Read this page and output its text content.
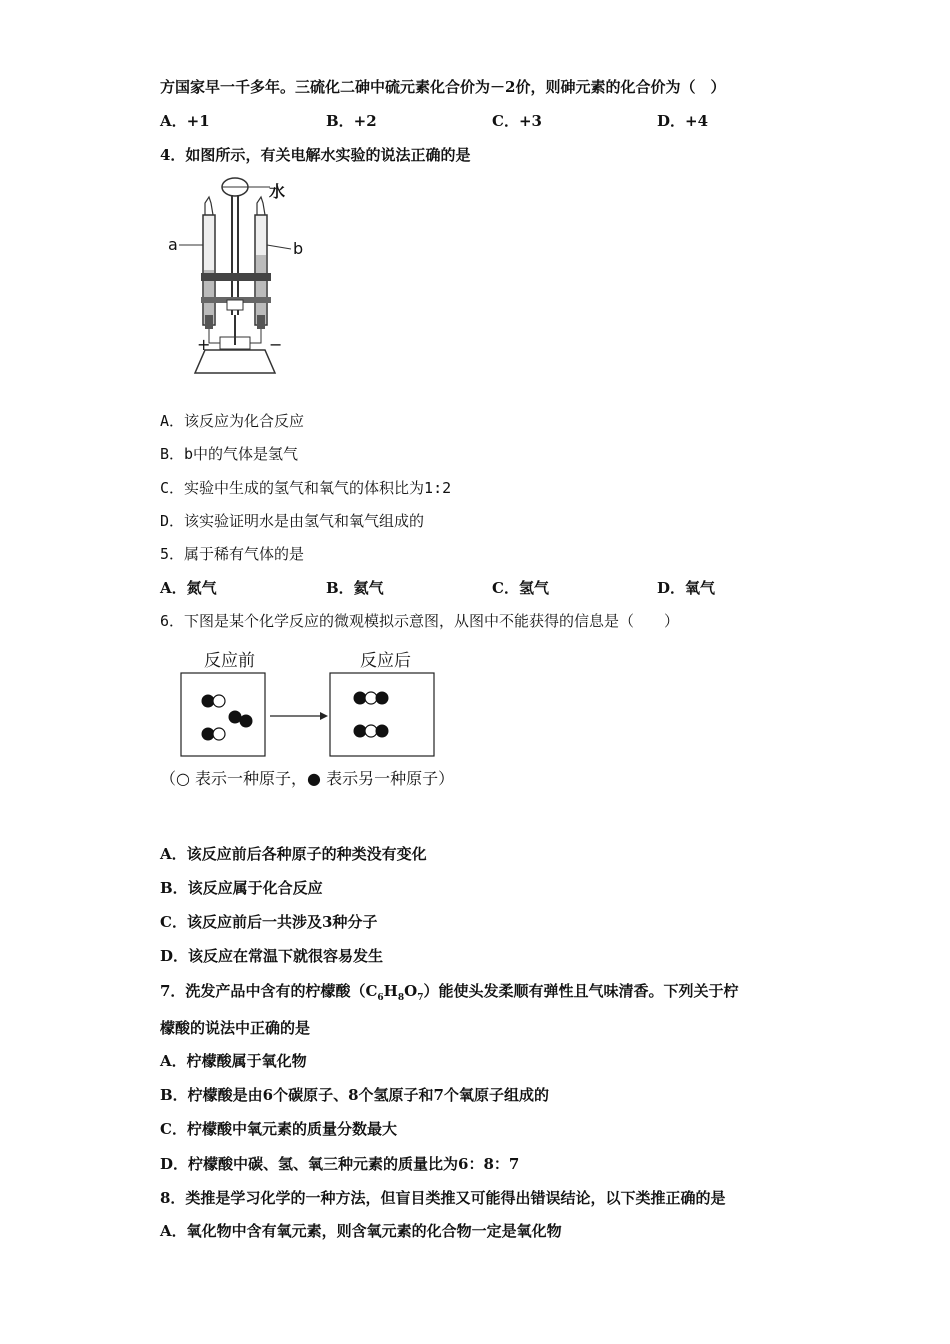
方国家早一千多年。三硫化二砷中硫元素化合价为－2价，则砷元素的化合价为（　）
A．+1	B．+2	C．+3	D．+4
4．如图所示，有关电解水实验的说法正确的是
水
a	b
+	−
A．该反应为化合反应
B．b中的气体是氢气
C．实验中生成的氢气和氧气的体积比为1:2
D．该实验证明水是由氢气和氧气组成的
5．属于稀有气体的是
A．氮气	B．氦气	C．氢气	D．氧气
6．下图是某个化学反应的微观模拟示意图，从图中不能获得的信息是（　　）
反应前	反应后
（○ 表示一种原子，● 表示另一种原子）
A．该反应前后各种原子的种类没有变化
B．该反应属于化合反应
C．该反应前后一共涉及3种分子
D．该反应在常温下就很容易发生
7．洗发产品中含有的柠檬酸$(C_6H_8O_7)$能使头发柔顺有弹性且气味清香。下列关于柠
檬酸的说法中正确的是
A．柠檬酸属于氧化物
B．柠檬酸是由6个碳原子、8个氢原子和7个氧原子组成的
C．柠檬酸中氧元素的质量分数最大
D．柠檬酸中碳、氢、氧三种元素的质量比为6：8：7
8．类推是学习化学的一种方法，但盲目类推又可能得出错误结论，以下类推正确的是
A．氧化物中含有氧元素，则含氧元素的化合物一定是氧化物
